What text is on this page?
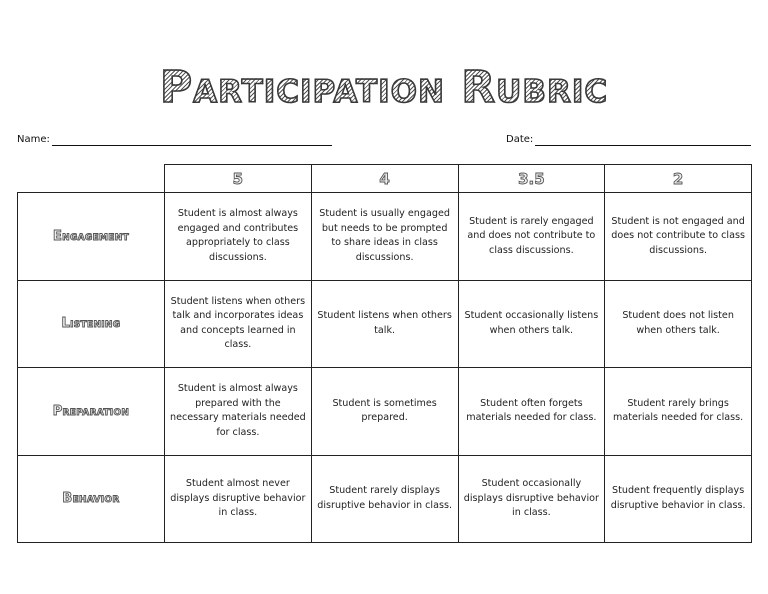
Participation Rubric
Name:	Date:
	5	4	3.5	2
Engagement	Student is almost always engaged and contributes appropriately to class discussions.	Student is usually engaged but needs to be prompted to share ideas in class discussions.	Student is rarely engaged and does not contribute to class discussions.	Student is not engaged and does not contribute to class discussions.
Listening	Student listens when others talk and incorporates ideas and concepts learned in class.	Student listens when others talk.	Student occasionally listens when others talk.	Student does not listen when others talk.
Preparation	Student is almost always prepared with the necessary materials needed for class.	Student is sometimes prepared.	Student often forgets materials needed for class.	Student rarely brings materials needed for class.
Behavior	Student almost never displays disruptive behavior in class.	Student rarely displays disruptive behavior in class.	Student occasionally displays disruptive behavior in class.	Student frequently displays disruptive behavior in class.
